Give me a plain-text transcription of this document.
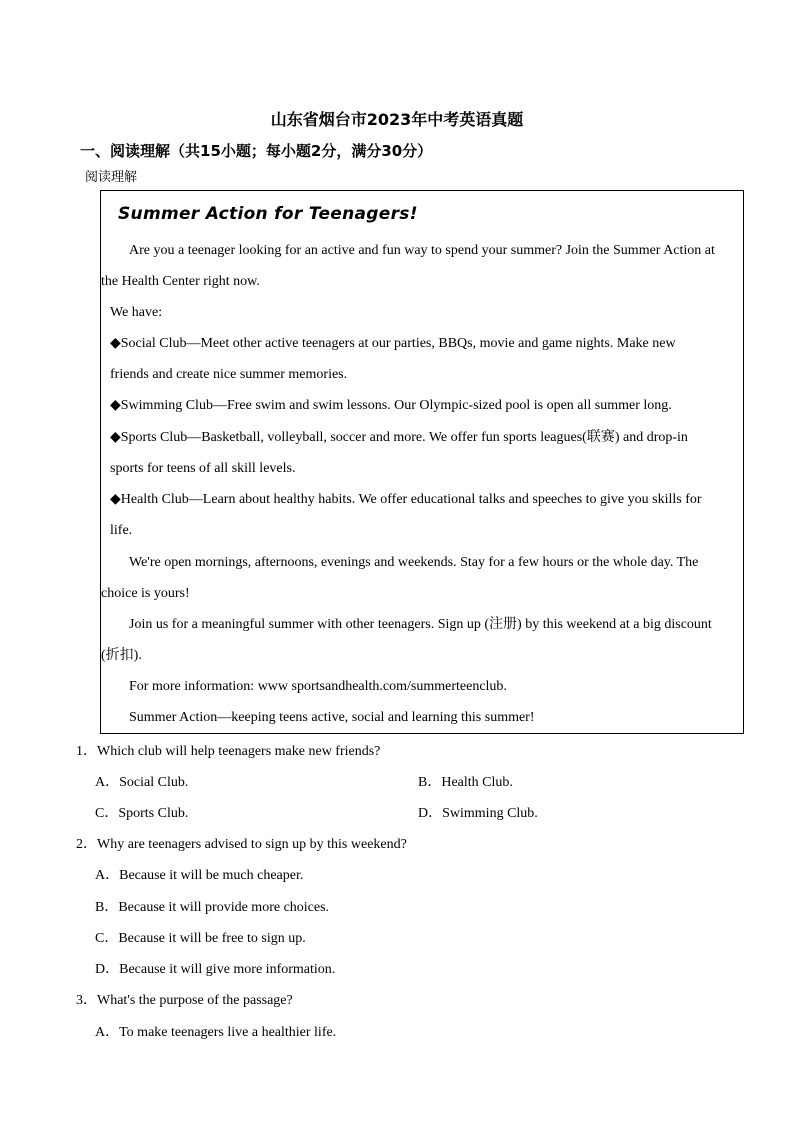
山东省烟台市2023年中考英语真题
一、阅读理解（共15小题；每小题2分，满分30分）
阅读理解
Summer Action for Teenagers!
Are you a teenager looking for an active and fun way to spend your summer? Join the Summer Action at
the Health Center right now.
We have:
◆Social Club—Meet other active teenagers at our parties, BBQs, movie and game nights. Make new
friends and create nice summer memories.
◆Swimming Club—Free swim and swim lessons. Our Olympic-sized pool is open all summer long.
◆Sports Club—Basketball, volleyball, soccer and more. We offer fun sports leagues(联赛) and drop-in
sports for teens of all skill levels.
◆Health Club—Learn about healthy habits. We offer educational talks and speeches to give you skills for
life.
We're open mornings, afternoons, evenings and weekends. Stay for a few hours or the whole day. The
choice is yours!
Join us for a meaningful summer with other teenagers. Sign up (注册) by this weekend at a big discount
(折扣).
For more information: www sportsandhealth.com/summerteenclub.
Summer Action—keeping teens active, social and learning this summer!
1．Which club will help teenagers make new friends?
A．Social Club.	B．Health Club.
C．Sports Club.	D．Swimming Club.
2．Why are teenagers advised to sign up by this weekend?
A．Because it will be much cheaper.
B．Because it will provide more choices.
C．Because it will be free to sign up.
D．Because it will give more information.
3．What's the purpose of the passage?
A．To make teenagers live a healthier life.
